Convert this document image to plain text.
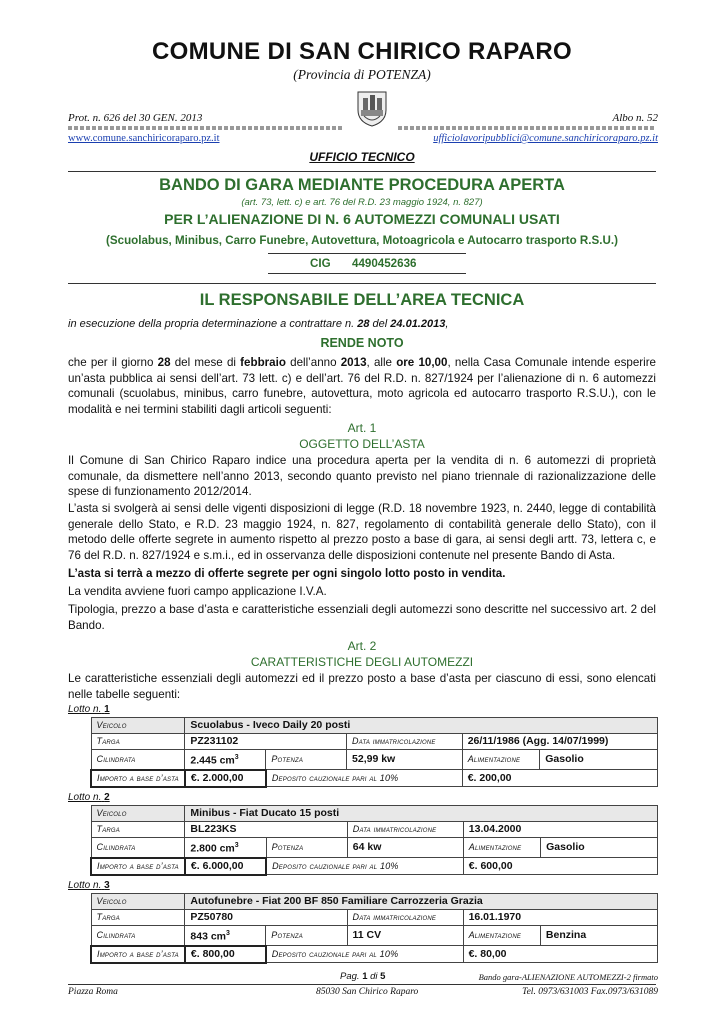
COMUNE DI SAN CHIRICO RAPARO
(Provincia di POTENZA)
Prot. n. 626 del 30 GEN. 2013	Albo n. 52
www.comune.sanchiricoraparo.pz.it	ufficiolavoripubblici@comune.sanchiricoraparo.pz.it
UFFICIO TECNICO
BANDO DI GARA MEDIANTE PROCEDURA APERTA
(art. 73, lett. c) e art. 76 del R.D. 23 maggio 1924, n. 827)
PER L’ALIENAZIONE DI N. 6 AUTOMEZZI COMUNALI USATI
(Scuolabus, Minibus, Carro Funebre, Autovettura, Motoagricola e Autocarro trasporto R.S.U.)
CIG 4490452636
IL RESPONSABILE DELL’AREA TECNICA
in esecuzione della propria determinazione a contrattare n. 28 del 24.01.2013,
RENDE NOTO
che per il giorno 28 del mese di febbraio dell’anno 2013, alle ore 10,00, nella Casa Comunale intende esperire un’asta pubblica ai sensi dell’art. 73 lett. c) e dell’art. 76 del R.D. n. 827/1924 per l’alienazione di n. 6 automezzi comunali (scuolabus, minibus, carro funebre, autovettura, moto agricola ed autocarro trasporto R.S.U.), con le modalità e nei termini stabiliti dagli articoli seguenti:
Art. 1
OGGETTO DELL’ASTA
Il Comune di San Chirico Raparo indice una procedura aperta per la vendita di n. 6 automezzi di proprietà comunale, da dismettere nell’anno 2013, secondo quanto previsto nel piano triennale di razionalizzazione delle spese di funzionamento 2012/2014.
L’asta si svolgerà ai sensi delle vigenti disposizioni di legge (R.D. 18 novembre 1923, n. 2440, legge di contabilità generale dello Stato, e R.D. 23 maggio 1924, n. 827, regolamento di contabilità generale dello Stato), con il metodo delle offerte segrete in aumento rispetto al prezzo posto a base di gara, ai sensi degli artt. 73, lettera c, e 76 del R.D. n. 827/1924 e s.m.i., ed in osservanza delle disposizioni contenute nel presente Bando di Asta.
L’asta si terrà a mezzo di offerte segrete per ogni singolo lotto posto in vendita.
La vendita avviene fuori campo applicazione I.V.A.
Tipologia, prezzo a base d’asta e caratteristiche essenziali degli automezzi sono descritte nel successivo art. 2 del Bando.
Art. 2
CARATTERISTICHE DEGLI AUTOMEZZI
Le caratteristiche essenziali degli automezzi ed il prezzo posto a base d’asta per ciascuno di essi, sono elencati nelle tabelle seguenti:
Lotto n. 1
Veicolo	Scuolabus - Iveco Daily 20 posti				
Targa	PZ231102		Data immatricolazione	26/11/1986 (Agg. 14/07/1999)	
Cilindrata	2.445 $cm^3$	Potenza	52,99 kw	Alimentazione	Gasolio
Importo a base d’asta	€. 2.000,00	Deposito cauzionale pari al 10%		€. 200,00	
Lotto n. 2
Veicolo	Minibus - Fiat Ducato 15 posti				
Targa	BL223KS		Data immatricolazione	13.04.2000	
Cilindrata	2.800 $cm^3$	Potenza	64 kw	Alimentazione	Gasolio
Importo a base d’asta	€. 6.000,00	Deposito cauzionale pari al 10%		€. 600,00	
Lotto n. 3
Veicolo	Autofunebre - Fiat 200 BF 850 Familiare Carrozzeria Grazia				
Targa	PZ50780		Data immatricolazione	16.01.1970	
Cilindrata	843 $cm^3$	Potenza	11 CV	Alimentazione	Benzina
Importo a base d’asta	€. 800,00	Deposito cauzionale pari al 10%		€. 80,00	
Pag. 1 di 5	Bando gara-ALIENAZIONE AUTOMEZZI-2 firmato
Piazza Roma	85030 San Chirico Raparo	Tel. 0973/631003 Fax.0973/631089
